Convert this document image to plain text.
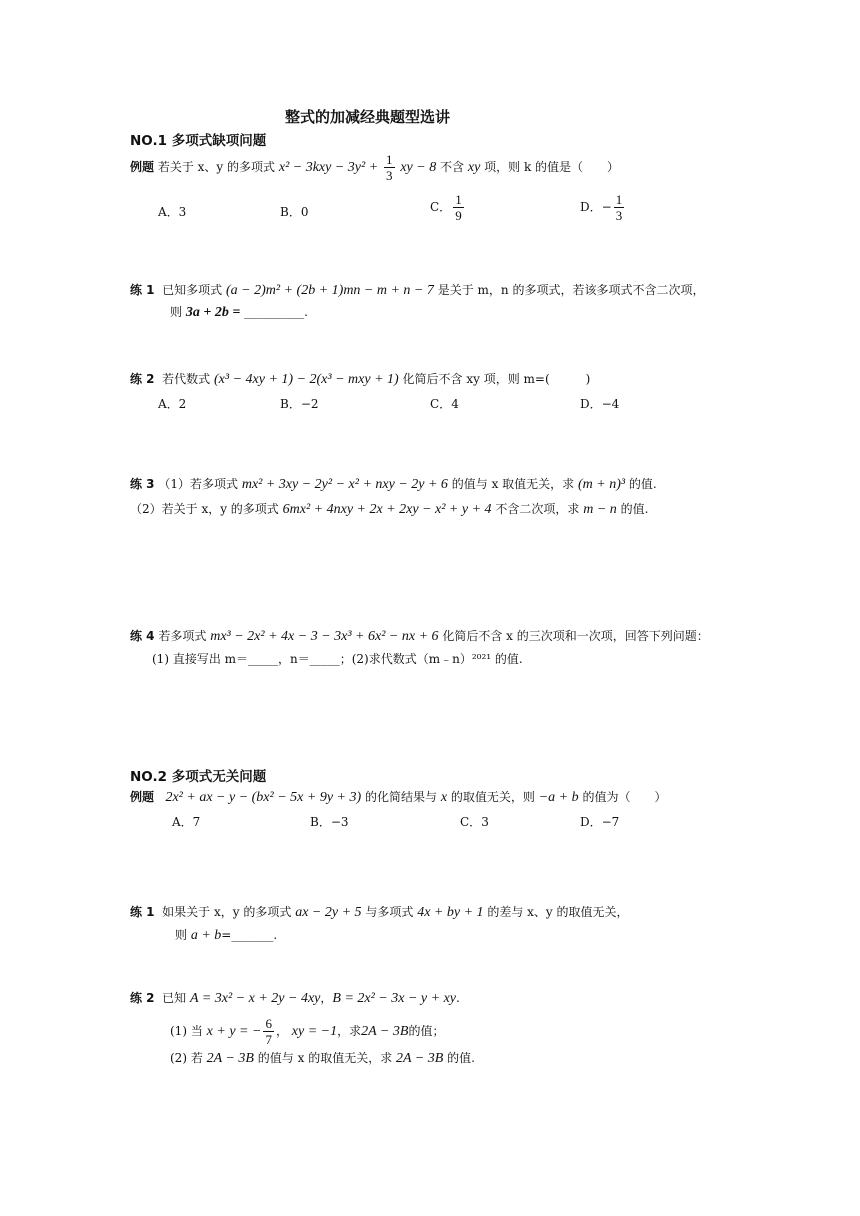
整式的加减经典题型选讲
NO.1 多项式缺项问题
例题 若关于 x、y 的多项式 $x^2 - 3kxy - 3y^2 + \frac{1}{3}$ xy − 8 不含 xy 项，则 k 的值是（　　）
A．3	B．0	C． $\frac{1}{9}$	D．− $\frac{1}{3}$
练 1 已知多项式 (a − 2)m² + (2b + 1)mn − m + n − 7 是关于 m，n 的多项式，若该多项式不含二次项，
则 3a + 2b = __________.
练 2 若代数式 (x³ − 4xy + 1) − 2(x³ − mxy + 1) 化简后不含 xy 项，则 m=(　　　)
A．2	B．−2	C．4	D．−4
练 3 （1）若多项式 mx² + 3xy − 2y² − x² + nxy − 2y + 6 的值与 x 取值无关，求 (m + n)³ 的值.
（2）若关于 x，y 的多项式 6mx² + 4nxy + 2x + 2xy − x² + y + 4 不含二次项，求 m − n 的值.
练 4 若多项式 mx³ − 2x² + 4x − 3 − 3x³ + 6x² − nx + 6 化简后不含 x 的三次项和一次项，回答下列问题：
(1) 直接写出 m＝_____，n＝_____；(2)求代数式（m﹣n）²⁰²¹ 的值.
NO.2 多项式无关问题
例题 2x² + ax − y − (bx² − 5x + 9y + 3) 的化简结果与 x 的取值无关，则 −a + b 的值为（　　）
A．7	B．−3	C．3	D．−7
练 1 如果关于 x，y 的多项式 ax − 2y + 5 与多项式 4x + by + 1 的差与 x、y 的取值无关，
则 a + b=_______.
练 2 已知 A = 3x² − x + 2y − 4xy，B = 2x² − 3x − y + xy.
(1) 当 x + y = − $\frac{6}{7}$ ， xy = −1，求2A − 3B的值；
(2) 若 2A − 3B 的值与 x 的取值无关，求 2A − 3B 的值.
